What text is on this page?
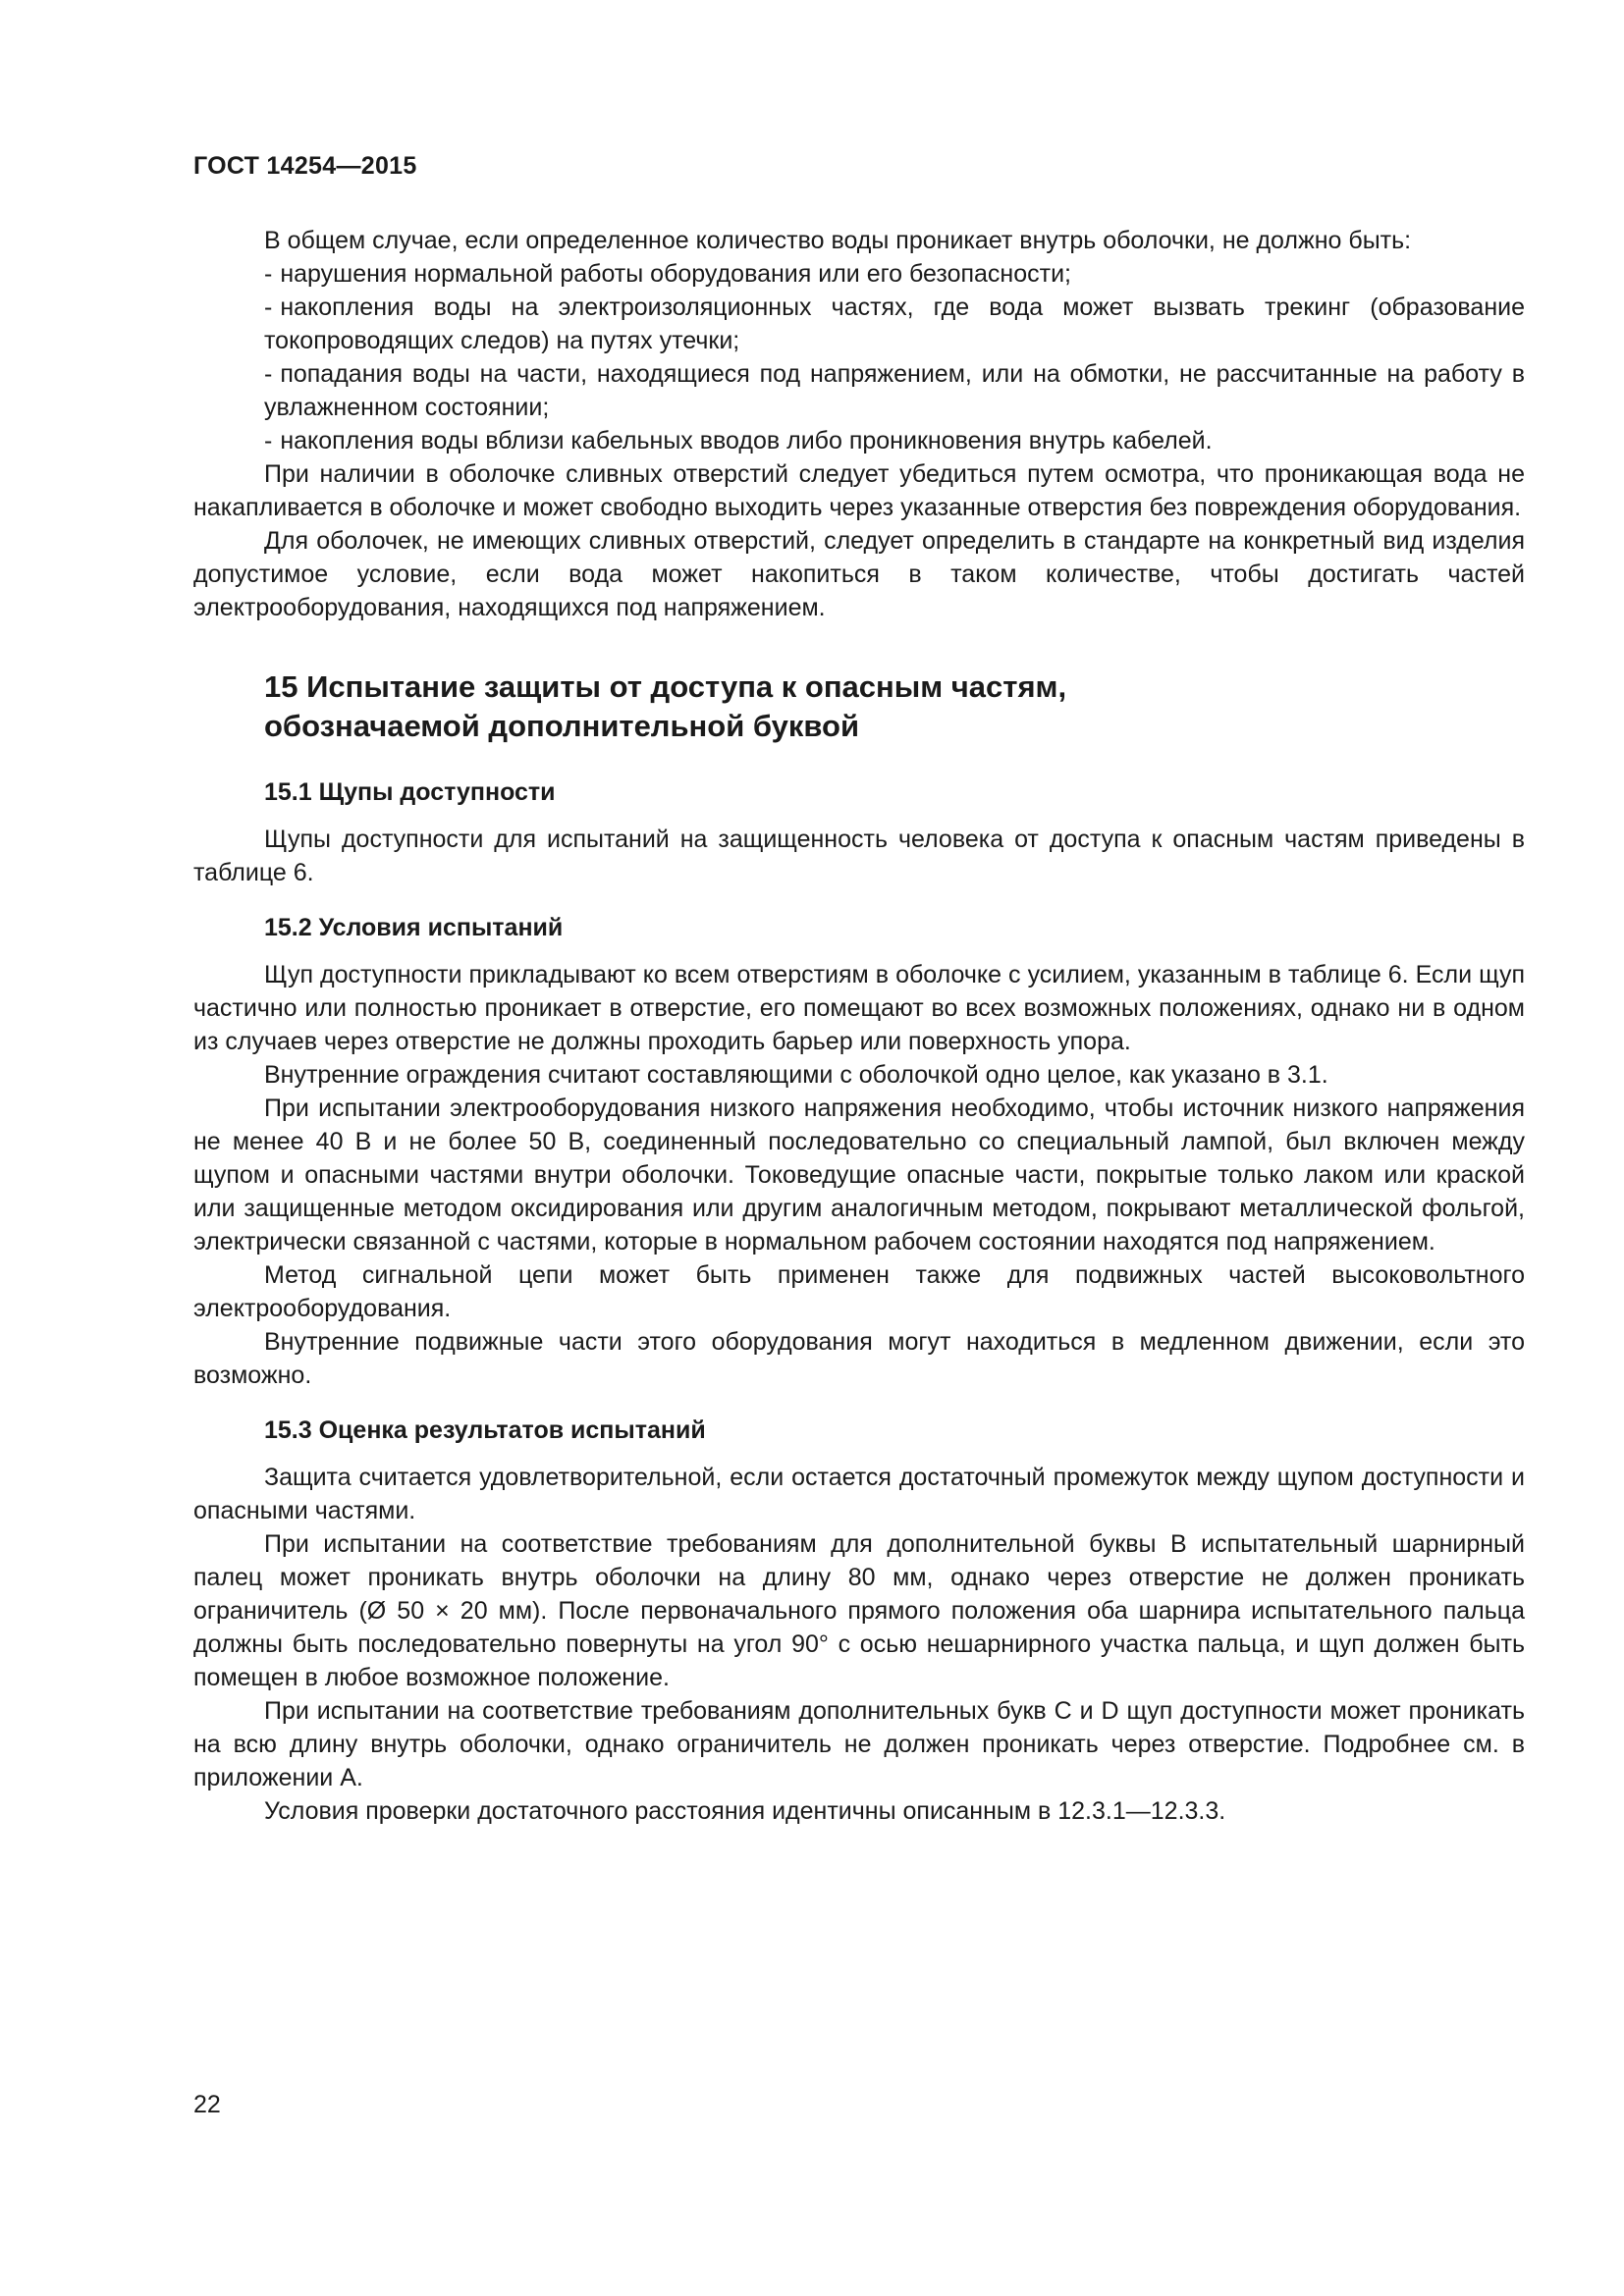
ГОСТ 14254—2015

В общем случае, если определенное количество воды проникает внутрь оболочки, не должно быть:

- нарушения нормальной работы оборудования или его безопасности;

- накопления воды на электроизоляционных частях, где вода может вызвать трекинг (образование токопроводящих следов) на путях утечки;

- попадания воды на части, находящиеся под напряжением, или на обмотки, не рассчитанные на работу в увлажненном состоянии;

- накопления воды вблизи кабельных вводов либо проникновения внутрь кабелей.

При наличии в оболочке сливных отверстий следует убедиться путем осмотра, что проникающая вода не накапливается в оболочке и может свободно выходить через указанные отверстия без повреждения оборудования.

Для оболочек, не имеющих сливных отверстий, следует определить в стандарте на конкретный вид изделия допустимое условие, если вода может накопиться в таком количестве, чтобы достигать частей электрооборудования, находящихся под напряжением.

15 Испытание защиты от доступа к опасным частям,
обозначаемой дополнительной буквой
15.1 Щупы доступности

Щупы доступности для испытаний на защищенность человека от доступа к опасным частям приведены в таблице 6.

15.2 Условия испытаний

Щуп доступности прикладывают ко всем отверстиям в оболочке с усилием, указанным в таблице 6. Если щуп частично или полностью проникает в отверстие, его помещают во всех возможных положениях, однако ни в одном из случаев через отверстие не должны проходить барьер или поверхность упора.

Внутренние ограждения считают составляющими с оболочкой одно целое, как указано в 3.1.

При испытании электрооборудования низкого напряжения необходимо, чтобы источник низкого напряжения не менее 40 В и не более 50 В, соединенный последовательно со специальный лампой, был включен между щупом и опасными частями внутри оболочки. Токоведущие опасные части, покрытые только лаком или краской или защищенные методом оксидирования или другим аналогичным методом, покрывают металлической фольгой, электрически связанной с частями, которые в нормальном рабочем состоянии находятся под напряжением.

Метод сигнальной цепи может быть применен также для подвижных частей высоковольтного электрооборудования.

Внутренние подвижные части этого оборудования могут находиться в медленном движении, если это возможно.

15.3 Оценка результатов испытаний

Защита считается удовлетворительной, если остается достаточный промежуток между щупом доступности и опасными частями.

При испытании на соответствие требованиям для дополнительной буквы B испытательный шарнирный палец может проникать внутрь оболочки на длину 80 мм, однако через отверстие не должен проникать ограничитель (Ø 50 × 20 мм). После первоначального прямого положения оба шарнира испытательного пальца должны быть последовательно повернуты на угол 90° с осью нешарнирного участка пальца, и щуп должен быть помещен в любое возможное положение.

При испытании на соответствие требованиям дополнительных букв C и D щуп доступности может проникать на всю длину внутрь оболочки, однако ограничитель не должен проникать через отверстие. Подробнее см. в приложении A.

Условия проверки достаточного расстояния идентичны описанным в 12.3.1—12.3.3.

22
